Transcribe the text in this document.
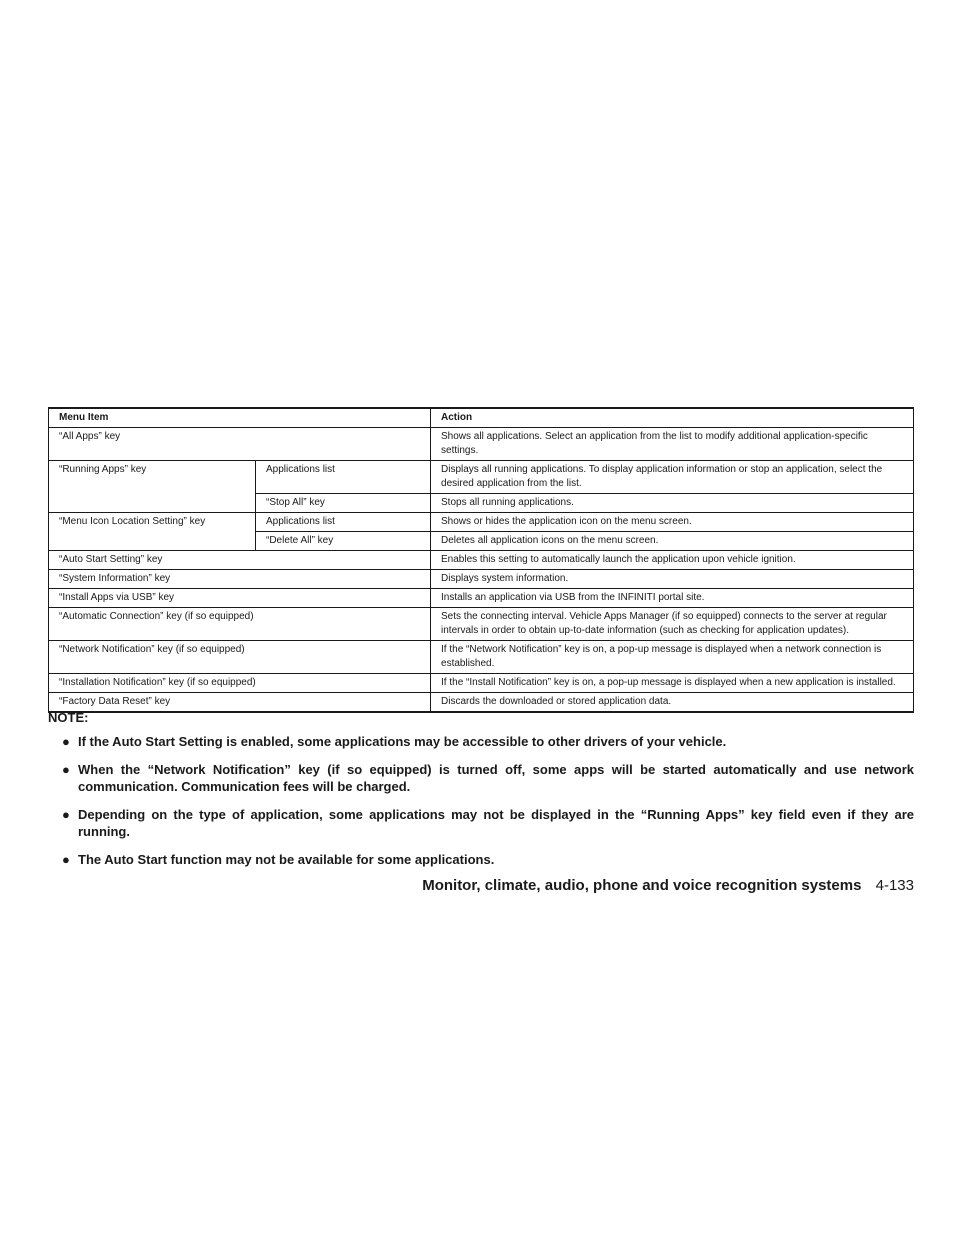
Menu Item		Action
“All Apps” key		Shows all applications. Select an application from the list to modify additional application-specific settings.
“Running Apps” key	Applications list	Displays all running applications. To display application information or stop an application, select the desired application from the list.
	“Stop All” key	Stops all running applications.
“Menu Icon Location Setting” key	Applications list	Shows or hides the application icon on the menu screen.
	“Delete All” key	Deletes all application icons on the menu screen.
“Auto Start Setting” key		Enables this setting to automatically launch the application upon vehicle ignition.
“System Information” key		Displays system information.
“Install Apps via USB” key		Installs an application via USB from the INFINITI portal site.
“Automatic Connection” key (if so equipped)		Sets the connecting interval. Vehicle Apps Manager (if so equipped) connects to the server at regular intervals in order to obtain up-to-date information (such as checking for application updates).
“Network Notification” key (if so equipped)		If the “Network Notification” key is on, a pop-up message is displayed when a network connection is established.
“Installation Notification” key (if so equipped)		If the “Install Notification” key is on, a pop-up message is displayed when a new application is installed.
“Factory Data Reset” key		Discards the downloaded or stored application data.

NOTE:

● If the Auto Start Setting is enabled, some applications may be accessible to other drivers of your vehicle.
● When the “Network Notification” key (if so equipped) is turned off, some apps will be started automatically and use network communication. Communication fees will be charged.
● Depending on the type of application, some applications may not be displayed in the “Running Apps” key field even if they are running.
● The Auto Start function may not be available for some applications.
Monitor, climate, audio, phone and voice recognition systems 4-133
